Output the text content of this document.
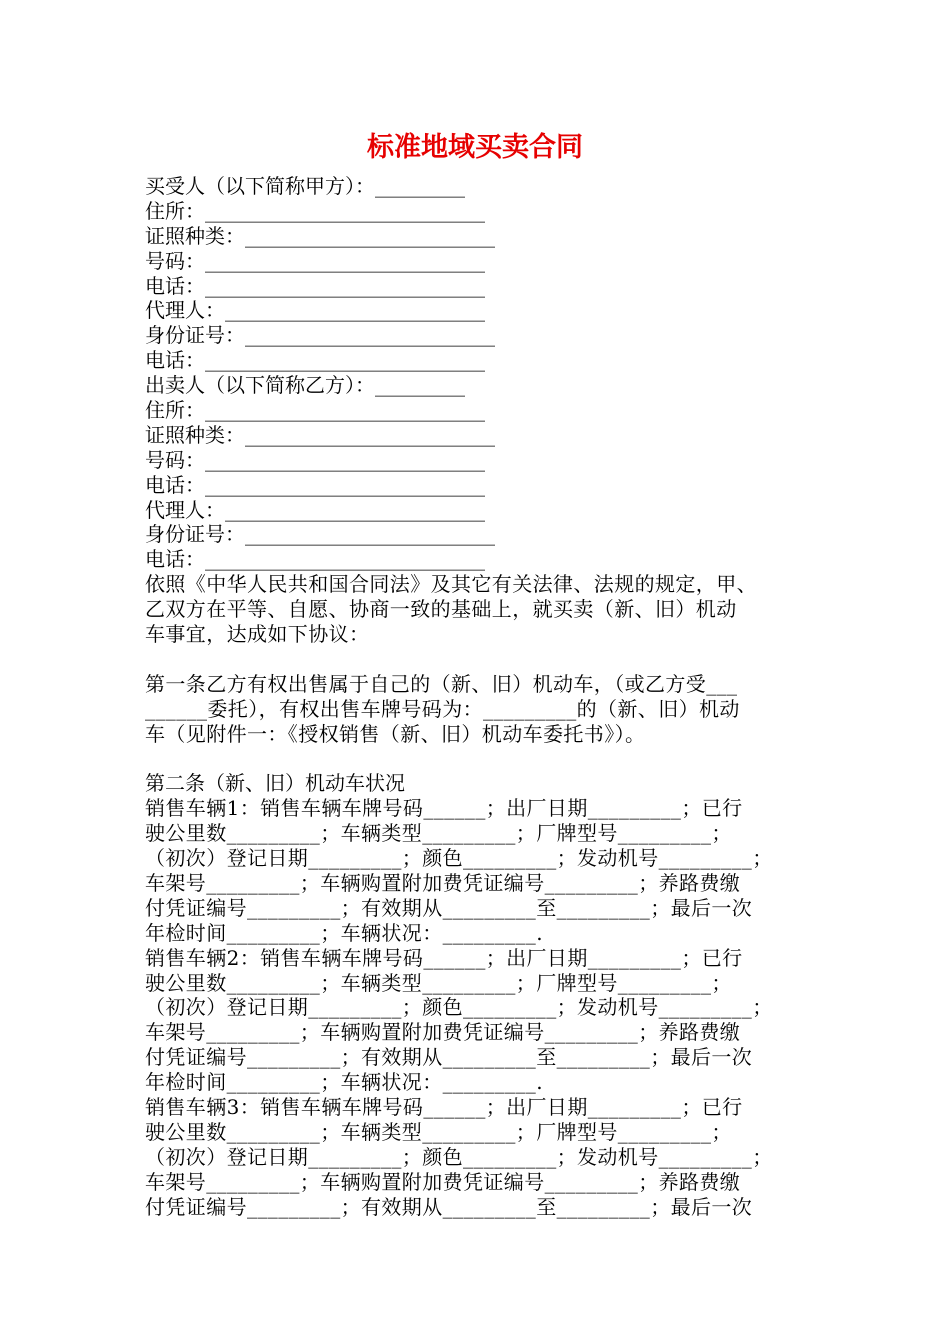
标准地域买卖合同
买受人（以下简称甲方）：_________
住所：____________________________
证照种类：_________________________
号码：____________________________
电话：____________________________
代理人：__________________________
身份证号：_________________________
电话：____________________________
出卖人（以下简称乙方）：_________
住所：____________________________
证照种类：_________________________
号码：____________________________
电话：____________________________
代理人：__________________________
身份证号：_________________________
电话：____________________________
依照《中华人民共和国合同法》及其它有关法律、法规的规定，甲、
乙双方在平等、自愿、协商一致的基础上，就买卖（新、旧）机动
车事宜，达成如下协议：
第一条乙方有权出售属于自己的（新、旧）机动车，（或乙方受___
______委托），有权出售车牌号码为：_________的（新、旧）机动
车（见附件一：《授权销售（新、旧）机动车委托书》）。
第二条（新、旧）机动车状况
销售车辆1：销售车辆车牌号码______；出厂日期_________；已行
驶公里数_________；车辆类型_________；厂牌型号_________；
（初次）登记日期_________；颜色_________；发动机号_________；
车架号_________；车辆购置附加费凭证编号_________；养路费缴
付凭证编号_________；有效期从_________至_________；最后一次
年检时间_________；车辆状况：_________.
销售车辆2：销售车辆车牌号码______；出厂日期_________；已行
驶公里数_________；车辆类型_________；厂牌型号_________；
（初次）登记日期_________；颜色_________；发动机号_________；
车架号_________；车辆购置附加费凭证编号_________；养路费缴
付凭证编号_________；有效期从_________至_________；最后一次
年检时间_________；车辆状况：_________.
销售车辆3：销售车辆车牌号码______；出厂日期_________；已行
驶公里数_________；车辆类型_________；厂牌型号_________；
（初次）登记日期_________；颜色_________；发动机号_________；
车架号_________；车辆购置附加费凭证编号_________；养路费缴
付凭证编号_________；有效期从_________至_________；最后一次
